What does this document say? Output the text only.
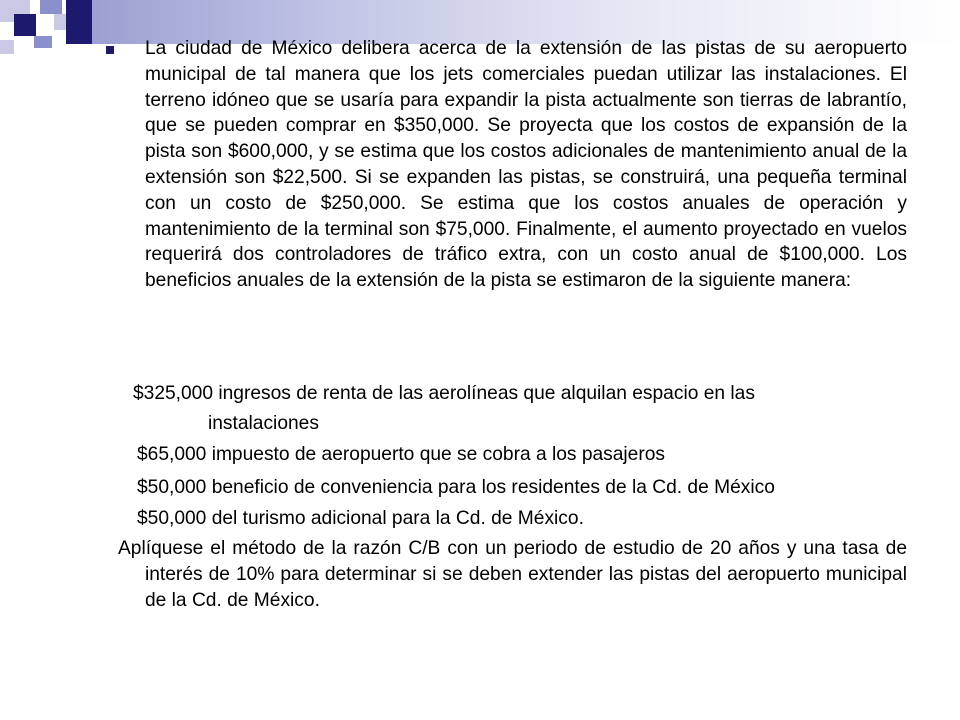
La ciudad de México delibera acerca de la extensión de las pistas de su aeropuerto municipal de tal manera que los jets comerciales puedan utilizar las instalaciones. El terreno idóneo que se usaría para expandir la pista actualmente son tierras de labrantío, que se pueden comprar en $350,000. Se proyecta que los costos de expansión de la pista son $600,000, y se estima que los costos adicionales de mantenimiento anual de la extensión son $22,500. Si se expanden las pistas, se construirá, una pequeña terminal con un costo de $250,000. Se estima que los costos anuales de operación y mantenimiento de la terminal son $75,000. Finalmente, el aumento proyectado en vuelos requerirá dos controladores de tráfico extra, con un costo anual de $100,000. Los beneficios anuales de la extensión de la pista se estimaron de la siguiente manera:
$325,000 ingresos de renta de las aerolíneas que alquilan espacio en las
instalaciones
$65,000 impuesto de aeropuerto que se cobra a los pasajeros
$50,000 beneficio de conveniencia para los residentes de la Cd. de México
$50,000 del turismo adicional para la Cd. de México.
Aplíquese el método de la razón C/B con un periodo de estudio de 20 años y una tasa de interés de 10% para determinar si se deben extender las pistas del aeropuerto municipal de la Cd. de México.
